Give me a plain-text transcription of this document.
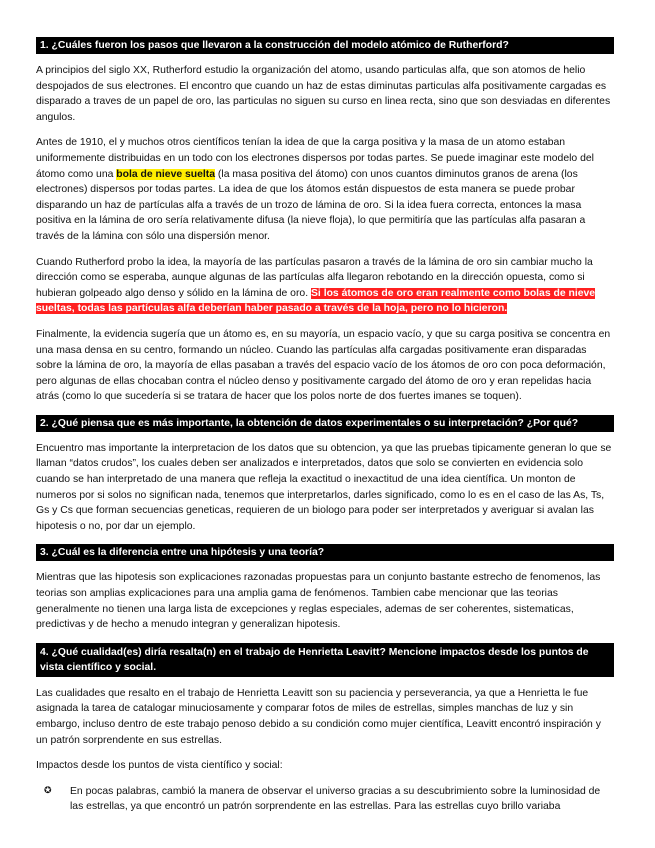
1. ¿Cuáles fueron los pasos que llevaron a la construcción del modelo atómico de Rutherford?

A principios del siglo XX, Rutherford estudio la organización del atomo, usando particulas alfa, que son atomos de helio despojados de sus electrones. El encontro que cuando un haz de estas diminutas particulas alfa positivamente cargadas es disparado a traves de un papel de oro, las particulas no siguen su curso en linea recta, sino que son desviadas en diferentes angulos.

Antes de 1910, el y muchos otros científicos tenían la idea de que la carga positiva y la masa de un atomo estaban uniformemente distribuidas en un todo con los electrones dispersos por todas partes. Se puede imaginar este modelo del átomo como una bola de nieve suelta (la masa positiva del átomo) con unos cuantos diminutos granos de arena (los electrones) dispersos por todas partes. La idea de que los átomos están dispuestos de esta manera se puede probar disparando un haz de partículas alfa a través de un trozo de lámina de oro. Si la idea fuera correcta, entonces la masa positiva en la lámina de oro sería relativamente difusa (la nieve floja), lo que permitiría que las partículas alfa pasaran a través de la lámina con sólo una dispersión menor.

Cuando Rutherford probo la idea, la mayoría de las partículas pasaron a través de la lámina de oro sin cambiar mucho la dirección como se esperaba, aunque algunas de las partículas alfa llegaron rebotando en la dirección opuesta, como si hubieran golpeado algo denso y sólido en la lámina de oro. Si los átomos de oro eran realmente como bolas de nieve sueltas, todas las partículas alfa deberían haber pasado a través de la hoja, pero no lo hicieron.

Finalmente, la evidencia sugería que un átomo es, en su mayoría, un espacio vacío, y que su carga positiva se concentra en una masa densa en su centro, formando un núcleo. Cuando las partículas alfa cargadas positivamente eran disparadas sobre la lámina de oro, la mayoría de ellas pasaban a través del espacio vacío de los átomos de oro con poca deformación, pero algunas de ellas chocaban contra el núcleo denso y positivamente cargado del átomo de oro y eran repelidas hacia atrás (como lo que sucedería si se tratara de hacer que los polos norte de dos fuertes imanes se toquen).

2. ¿Qué piensa que es más importante, la obtención de datos experimentales o su interpretación? ¿Por qué?

Encuentro mas importante la interpretacion de los datos que su obtencion, ya que las pruebas tipicamente generan lo que se llaman “datos crudos”, los cuales deben ser analizados e interpretados, datos que solo se convierten en evidencia solo cuando se han interpretado de una manera que refleja la exactitud o inexactitud de una idea científica. Un monton de numeros por si solos no significan nada, tenemos que interpretarlos, darles significado, como lo es en el caso de las As, Ts, Gs y Cs que forman secuencias geneticas, requieren de un biologo para poder ser interpretados y averiguar si avalan las hipotesis o no, por dar un ejemplo.

3. ¿Cuál es la diferencia entre una hipótesis y una teoría?

Mientras que las hipotesis son explicaciones razonadas propuestas para un conjunto bastante estrecho de fenomenos, las teorias son amplias explicaciones para una amplia gama de fenómenos. Tambien cabe mencionar que las teorias generalmente no tienen una larga lista de excepciones y reglas especiales, ademas de ser coherentes, sistematicas, predictivas y de hecho a menudo integran y generalizan hipotesis.

4. ¿Qué cualidad(es) diría resalta(n) en el trabajo de Henrietta Leavitt? Mencione impactos desde los puntos de vista científico y social.

Las cualidades que resalto en el trabajo de Henrietta Leavitt son su paciencia y perseverancia, ya que a Henrietta le fue asignada la tarea de catalogar minuciosamente y comparar fotos de miles de estrellas, simples manchas de luz y sin embargo, incluso dentro de este trabajo penoso debido a su condición como mujer científica, Leavitt encontró inspiración y un patrón sorprendente en sus estrellas.

Impactos desde los puntos de vista científico y social:

✪	En pocas palabras, cambió la manera de observar el universo gracias a su descubrimiento sobre la luminosidad de las estrellas, ya que encontró un patrón sorprendente en las estrellas. Para las estrellas cuyo brillo variaba
